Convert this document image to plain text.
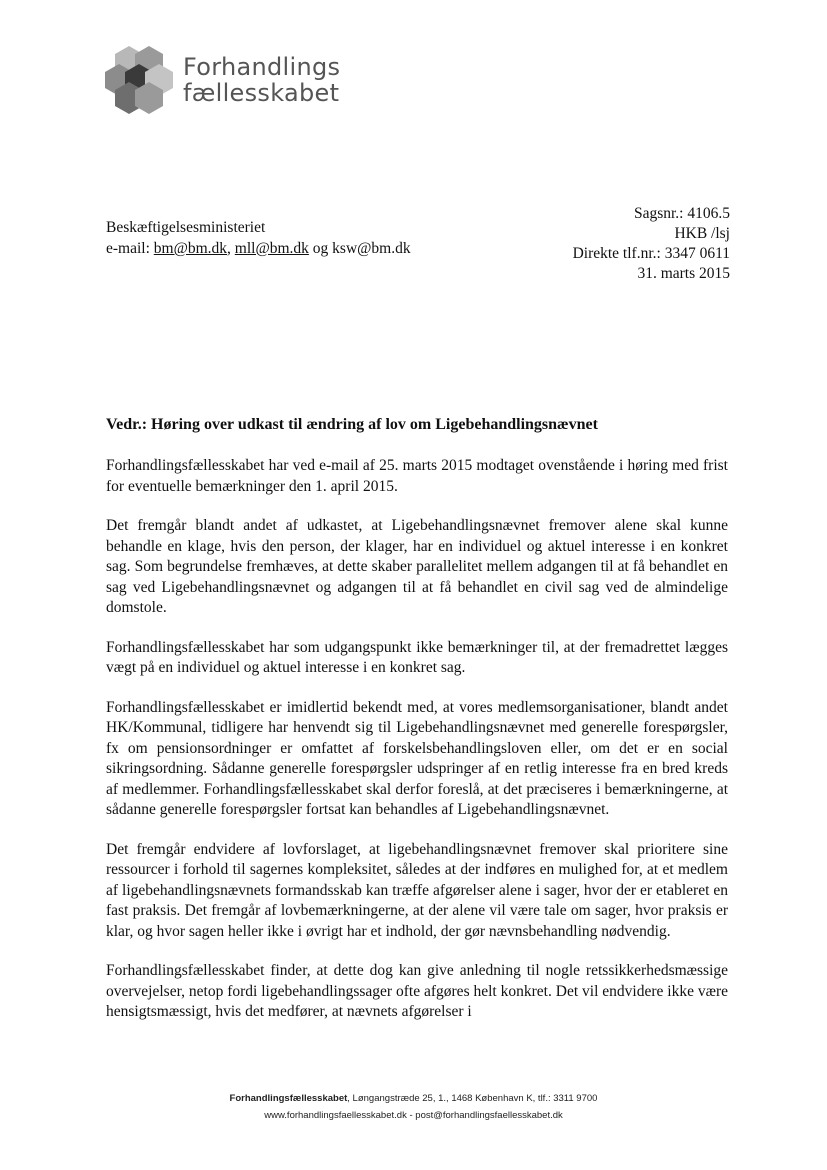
Forhandlings
fællesskabet
Beskæftigelsesministeriet
e-mail: bm@bm.dk, mll@bm.dk og ksw@bm.dk
Sagsnr.: 4106.5
HKB /lsj
Direkte tlf.nr.: 3347 0611
31. marts 2015
Vedr.: Høring over udkast til ændring af lov om Ligebehandlingsnævnet

Forhandlingsfællesskabet har ved e-mail af 25. marts 2015 modtaget ovenstående i høring med frist for eventuelle bemærkninger den 1. april 2015.

Det fremgår blandt andet af udkastet, at Ligebehandlingsnævnet fremover alene skal kunne behandle en klage, hvis den person, der klager, har en individuel og aktuel interesse i en konkret sag. Som begrundelse fremhæves, at dette skaber parallelitet mellem adgangen til at få behandlet en sag ved Ligebehandlingsnævnet og adgangen til at få behandlet en civil sag ved de almindelige domstole.

Forhandlingsfællesskabet har som udgangspunkt ikke bemærkninger til, at der fremadrettet lægges vægt på en individuel og aktuel interesse i en konkret sag.

Forhandlingsfællesskabet er imidlertid bekendt med, at vores medlemsorganisationer, blandt andet HK/Kommunal, tidligere har henvendt sig til Ligebehandlingsnævnet med generelle forespørgsler, fx om pensionsordninger er omfattet af forskelsbehandlingsloven eller, om det er en social sikringsordning. Sådanne generelle forespørgsler udspringer af en retlig interesse fra en bred kreds af medlemmer. Forhandlingsfællesskabet skal derfor foreslå, at det præciseres i bemærkningerne, at sådanne generelle forespørgsler fortsat kan behandles af Ligebehandlingsnævnet.

Det fremgår endvidere af lovforslaget, at ligebehandlingsnævnet fremover skal prioritere sine ressourcer i forhold til sagernes kompleksitet, således at der indføres en mulighed for, at et medlem af ligebehandlingsnævnets formandsskab kan træffe afgørelser alene i sager, hvor der er etableret en fast praksis. Det fremgår af lovbemærkningerne, at der alene vil være tale om sager, hvor praksis er klar, og hvor sagen heller ikke i øvrigt har et indhold, der gør nævnsbehandling nødvendig.

Forhandlingsfællesskabet finder, at dette dog kan give anledning til nogle retssikkerhedsmæssige overvejelser, netop fordi ligebehandlingssager ofte afgøres helt konkret. Det vil endvidere ikke være hensigtsmæssigt, hvis det medfører, at nævnets afgørelser i

Forhandlingsfællesskabet, Løngangstræde 25, 1., 1468 København K, tlf.: 3311 9700
www.forhandlingsfaellesskabet.dk - post@forhandlingsfaellesskabet.dk
